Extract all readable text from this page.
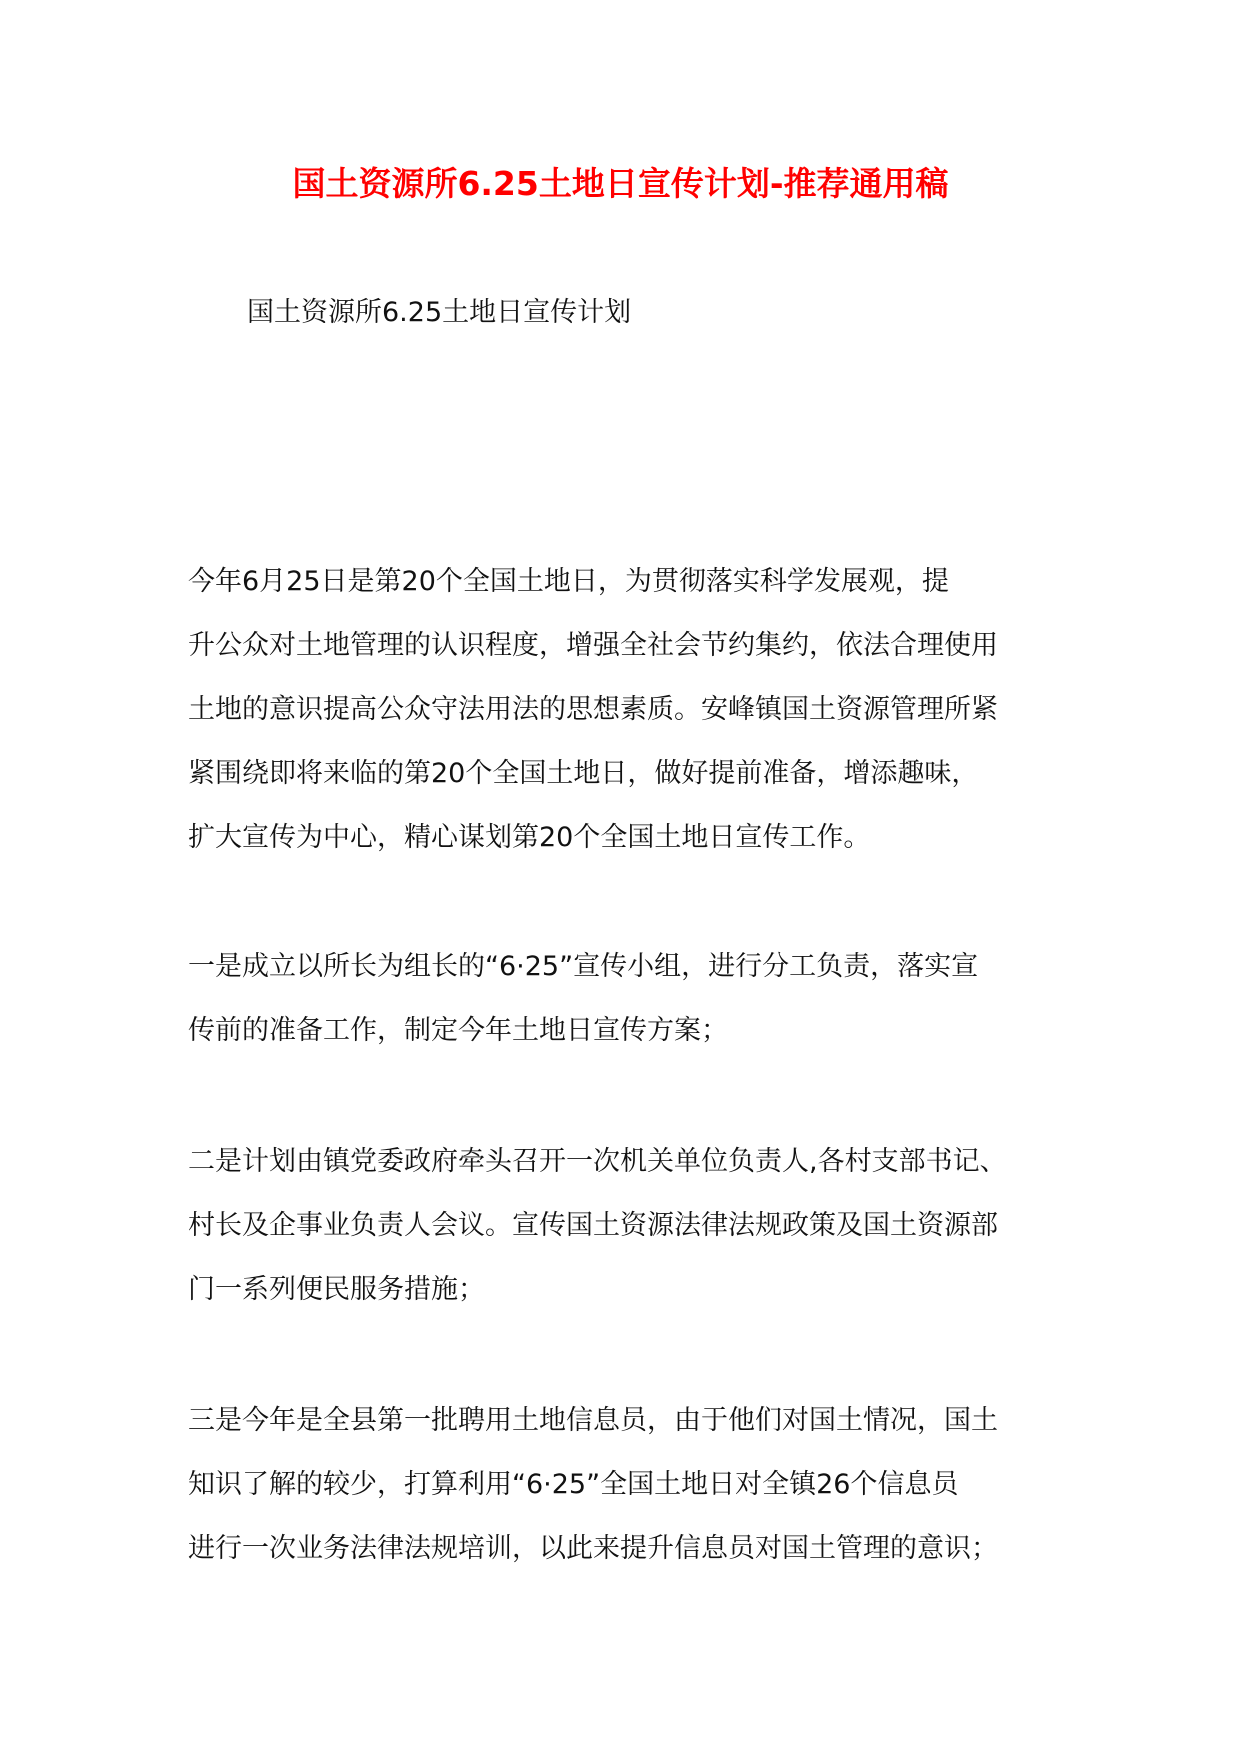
国土资源所6.25土地日宣传计划-推荐通用稿
国土资源所6.25土地日宣传计划

今年6月25日是第20个全国土地日，为贯彻落实科学发展观，提
升公众对土地管理的认识程度，增强全社会节约集约，依法合理使用
土地的意识提高公众守法用法的思想素质。安峰镇国土资源管理所紧
紧围绕即将来临的第20个全国土地日，做好提前准备，增添趣味，
扩大宣传为中心，精心谋划第20个全国土地日宣传工作。

一是成立以所长为组长的“6·25”宣传小组，进行分工负责，落实宣
传前的准备工作，制定今年土地日宣传方案；

二是计划由镇党委政府牵头召开一次机关单位负责人,各村支部书记、
村长及企事业负责人会议。宣传国土资源法律法规政策及国土资源部
门一系列便民服务措施；

三是今年是全县第一批聘用土地信息员，由于他们对国土情况，国土
知识了解的较少，打算利用“6·25”全国土地日对全镇26个信息员
进行一次业务法律法规培训，以此来提升信息员对国土管理的意识；
